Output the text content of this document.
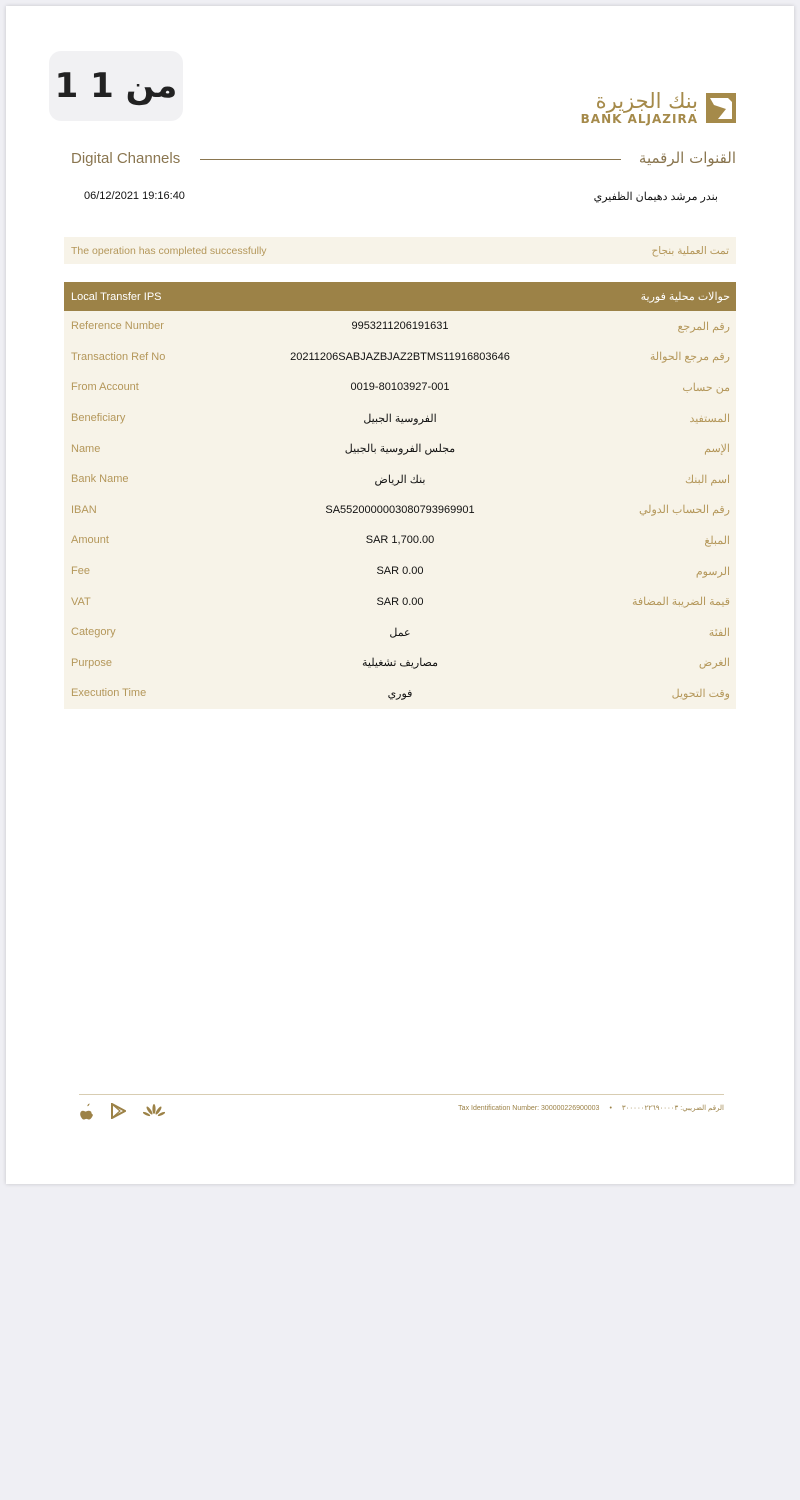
1 من 1	بنك الجزيرة
BANK ALJAZIRA
Digital Channels	القنوات الرقمية
06/12/2021 19:16:40	بندر مرشد دهيمان الظفيري
The operation has completed successfully	تمت العملية بنجاح
Local Transfer IPS	حوالات محلية فورية
Reference Number	9953211206191631	رقم المرجع
Transaction Ref No	20211206SABJAZBJAZ2BTMS11916803646	رقم مرجع الحوالة
From Account	0019-80103927-001	من حساب
Beneficiary	الفروسية الجبيل	المستفيد
Name	مجلس الفروسية بالجبيل	الإسم
Bank Name	بنك الرياض	اسم البنك
IBAN	SA5520000003080793969901	رقم الحساب الدولي
Amount	SAR 1,700.00	المبلغ
Fee	SAR 0.00	الرسوم
VAT	SAR 0.00	قيمة الضريبة المضافة
Category	عمل	الفئة
Purpose	مصاريف تشغيلية	الغرض
Execution Time	فوري	وقت التحويل
Tax Identification Number: 300000226900003 • الرقم الضريبي: ٣٠٠٠٠٠٢٢٦٩٠٠٠٠٣
